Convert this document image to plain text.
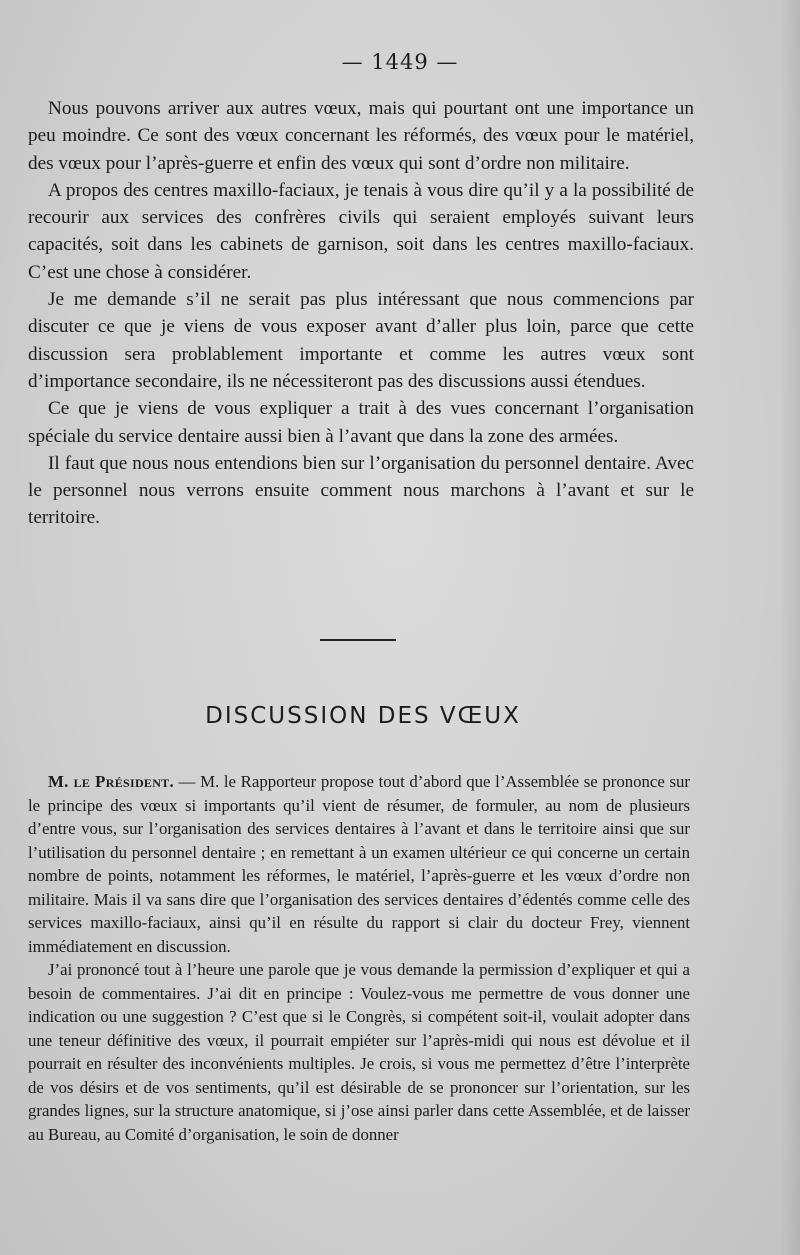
— 1449 —

Nous pouvons arriver aux autres vœux, mais qui pourtant ont une importance un peu moindre. Ce sont des vœux concernant les réformés, des vœux pour le matériel, des vœux pour l’après-guerre et enfin des vœux qui sont d’ordre non militaire.

A propos des centres maxillo-faciaux, je tenais à vous dire qu’il y a la possibilité de recourir aux services des confrères civils qui seraient employés suivant leurs capacités, soit dans les cabinets de garnison, soit dans les centres maxillo-faciaux. C’est une chose à considérer.

Je me demande s’il ne serait pas plus intéressant que nous commencions par discuter ce que je viens de vous exposer avant d’aller plus loin, parce que cette discussion sera problablement importante et comme les autres vœux sont d’importance secondaire, ils ne nécessiteront pas des discussions aussi étendues.

Ce que je viens de vous expliquer a trait à des vues concernant l’organisation spéciale du service dentaire aussi bien à l’avant que dans la zone des armées.

Il faut que nous nous entendions bien sur l’organisation du personnel dentaire. Avec le personnel nous verrons ensuite comment nous marchons à l’avant et sur le territoire.

DISCUSSION DES VŒUX

M. le Président. — M. le Rapporteur propose tout d’abord que l’Assemblée se prononce sur le principe des vœux si importants qu’il vient de résumer, de formuler, au nom de plusieurs d’entre vous, sur l’organisation des services dentaires à l’avant et dans le territoire ainsi que sur l’utilisation du personnel dentaire ; en remettant à un examen ultérieur ce qui concerne un certain nombre de points, notamment les réformes, le matériel, l’après-guerre et les vœux d’ordre non militaire. Mais il va sans dire que l’organisation des services dentaires d’édentés comme celle des services maxillo-faciaux, ainsi qu’il en résulte du rapport si clair du docteur Frey, viennent immédiatement en discussion.

J’ai prononcé tout à l’heure une parole que je vous demande la permission d’expliquer et qui a besoin de commentaires. J’ai dit en principe : Voulez-vous me permettre de vous donner une indication ou une suggestion ? C’est que si le Congrès, si compétent soit-il, voulait adopter dans une teneur définitive des vœux, il pourrait empiéter sur l’après-midi qui nous est dévolue et il pourrait en résulter des inconvénients multiples. Je crois, si vous me permettez d’être l’interprète de vos désirs et de vos sentiments, qu’il est désirable de se prononcer sur l’orientation, sur les grandes lignes, sur la structure anatomique, si j’ose ainsi parler dans cette Assemblée, et de laisser au Bureau, au Comité d’organisation, le soin de donner
